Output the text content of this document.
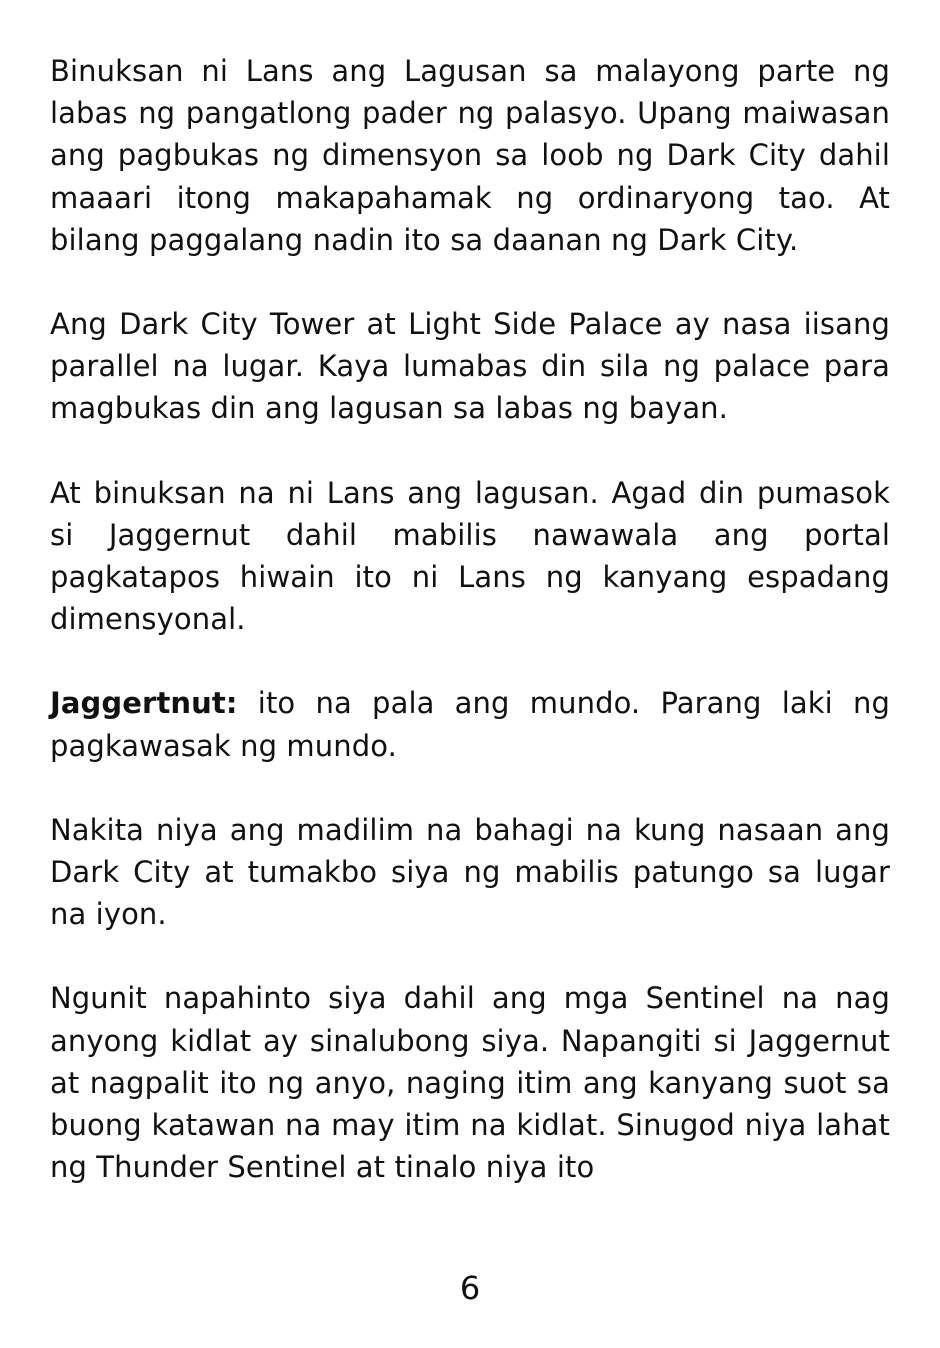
Binuksan ni Lans ang Lagusan sa malayong parte ng labas ng pangatlong pader ng palasyo. Upang maiwasan ang pagbukas ng dimensyon sa loob ng Dark City dahil maaari itong makapahamak ng ordinaryong tao. At bilang paggalang nadin ito sa daanan ng Dark City.

Ang Dark City Tower at Light Side Palace ay nasa iisang parallel na lugar. Kaya lumabas din sila ng palace para magbukas din ang lagusan sa labas ng bayan.

At binuksan na ni Lans ang lagusan. Agad din pumasok si Jaggernut dahil mabilis nawawala ang portal pagkatapos hiwain ito ni Lans ng kanyang espadang dimensyonal.

Jaggertnut: ito na pala ang mundo. Parang laki ng pagkawasak ng mundo.

Nakita niya ang madilim na bahagi na kung nasaan ang Dark City at tumakbo siya ng mabilis patungo sa lugar na iyon.

Ngunit napahinto siya dahil ang mga Sentinel na nag anyong kidlat ay sinalubong siya. Napangiti si Jaggernut at nagpalit ito ng anyo, naging itim ang kanyang suot sa buong katawan na may itim na kidlat. Sinugod niya lahat ng Thunder Sentinel at tinalo niya ito

6
